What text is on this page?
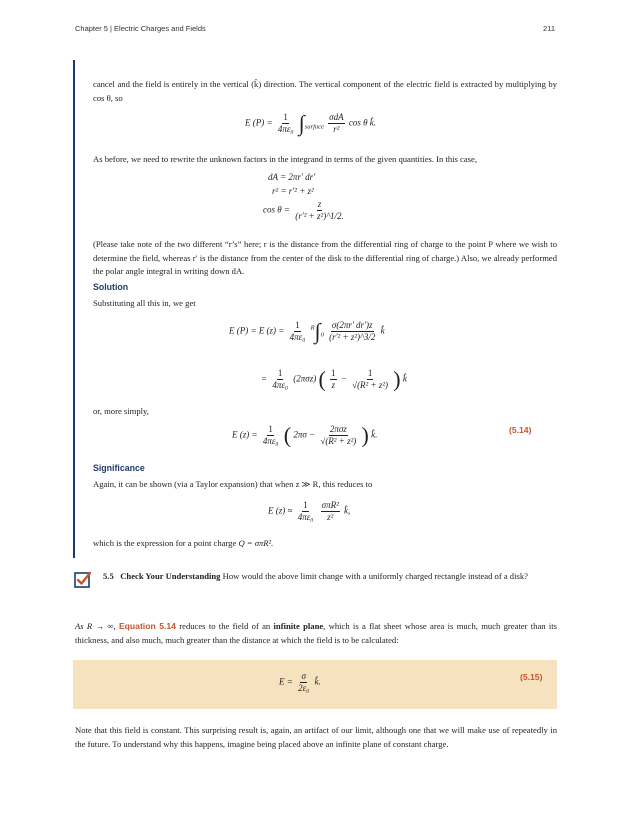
Chapter 5 | Electric Charges and Fields	211
cancel and the field is entirely in the vertical (k̂) direction. The vertical component of the electric field is extracted by multiplying by cos θ, so
E $(P) = \frac{1}{\text{4πε₀}} \int_{surface} \frac{\text{σdA}}{\text{r²}}$ cos θ k̂.
As before, we need to rewrite the unknown factors in the integrand in terms of the given quantities. In this case,
dA = 2πr′ dr′
r² = r′² + z²
$\cos \theta = \frac{z}{\text{(r′² + z²)\textasciicircum{}1/2.}}$
(Please take note of the two different “r’s” here; r is the distance from the differential ring of charge to the point P where we wish to determine the field, whereas r′ is the distance from the center of the disk to the differential ring of charge.) Also, we already performed the polar angle integral in writing down dA.
Solution
Substituting all this in, we get
E (P) = E $(z) = \frac{1}{\text{4πε₀}} ^R\int_0 \frac{\sigma(2\pi r' dr')z}{\text{(r′² + z²)\textasciicircum{}3/2}}$ k̂
= $\frac{1}{\text{4πε₀}} (2\pi\sigma z)$ ( $\frac{1}{z} - \frac{1}{\text{√(R² + z²)}}$ ) k̂
or, more simply,
E $(z) = \frac{1}{\text{4πε₀}}$ ( $2\pi\sigma - \frac{\text{2πσz}}{\text{√(R² + z²)}}$ ) k̂.	(5.14)
Significance
Again, it can be shown (via a Taylor expansion) that when z ≫ R, this reduces to
E $(z) \approx \frac{1}{\text{4πε₀}}$
$\frac{\text{σπR²}}{\text{z²}}$ k̂,
which is the expression for a point charge Q = σπR².
5.5 Check Your Understanding How would the above limit change with a uniformly charged rectangle instead of a disk?
As R → ∞, Equation 5.14 reduces to the field of an infinite plane, which is a flat sheet whose area is much, much greater than its thickness, and also much, much greater than the distance at which the field is to be calculated:
$E = \frac{\sigma}{\text{2ε₀}}$ k̂.	(5.15)
Note that this field is constant. This surprising result is, again, an artifact of our limit, although one that we will make use of repeatedly in the future. To understand why this happens, imagine being placed above an infinite plane of constant charge.
